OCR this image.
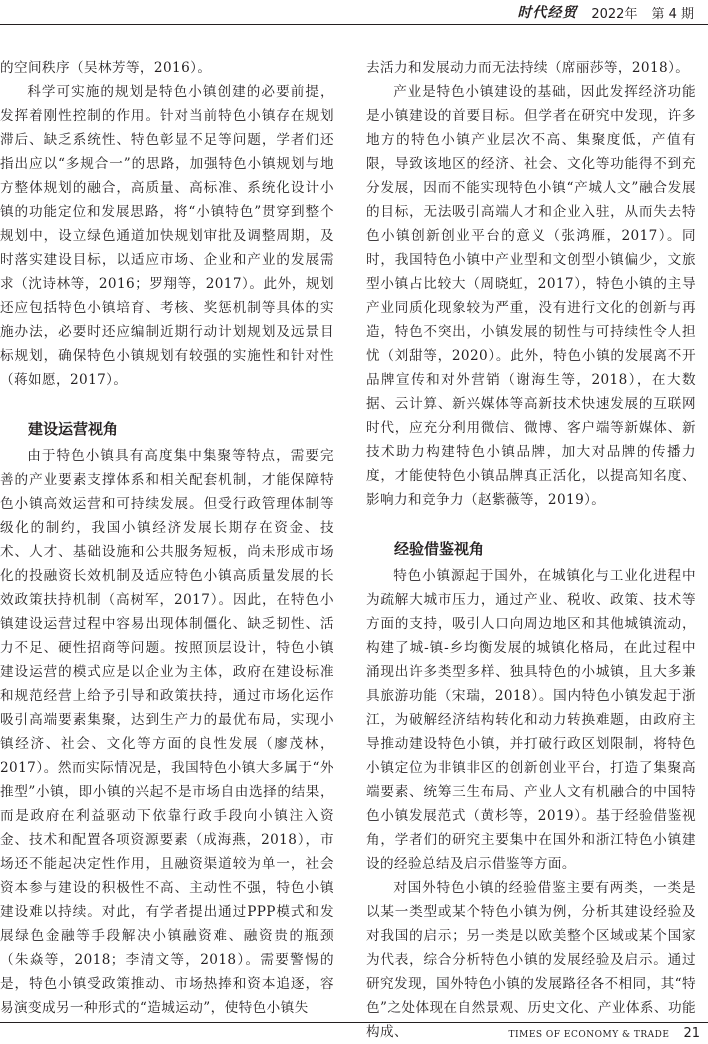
时代经贸 2022年 第 4 期

的空间秩序（吴林芳等，2016）。

科学可实施的规划是特色小镇创建的必要前提，发挥着刚性控制的作用。针对当前特色小镇存在规划滞后、缺乏系统性、特色彰显不足等问题，学者们还指出应以“多规合一”的思路，加强特色小镇规划与地方整体规划的融合，高质量、高标准、系统化设计小镇的功能定位和发展思路，将“小镇特色”贯穿到整个规划中，设立绿色通道加快规划审批及调整周期，及时落实建设目标，以适应市场、企业和产业的发展需求（沈诗林等，2016；罗翔等，2017）。此外，规划还应包括特色小镇培育、考核、奖惩机制等具体的实施办法，必要时还应编制近期行动计划规划及远景目标规划，确保特色小镇规划有较强的实施性和针对性（蒋如愿，2017）。

建设运营视角

由于特色小镇具有高度集中集聚等特点，需要完善的产业要素支撑体系和相关配套机制，才能保障特色小镇高效运营和可持续发展。但受行政管理体制等级化的制约，我国小镇经济发展长期存在资金、技术、人才、基础设施和公共服务短板，尚未形成市场化的投融资长效机制及适应特色小镇高质量发展的长效政策扶持机制（高树军，2017）。因此，在特色小镇建设运营过程中容易出现体制僵化、缺乏韧性、活力不足、硬性招商等问题。按照顶层设计，特色小镇建设运营的模式应是以企业为主体，政府在建设标准和规范经营上给予引导和政策扶持，通过市场化运作吸引高端要素集聚，达到生产力的最优布局，实现小镇经济、社会、文化等方面的良性发展（廖茂林，2017）。然而实际情况是，我国特色小镇大多属于“外推型”小镇，即小镇的兴起不是市场自由选择的结果，而是政府在利益驱动下依靠行政手段向小镇注入资金、技术和配置各项资源要素（成海燕，2018），市场还不能起决定性作用，且融资渠道较为单一，社会资本参与建设的积极性不高、主动性不强，特色小镇建设难以持续。对此，有学者提出通过PPP模式和发展绿色金融等手段解决小镇融资难、融资贵的瓶颈（朱焱等，2018；李清文等，2018）。需要警惕的是，特色小镇受政策推动、市场热捧和资本追逐，容易演变成另一种形式的“造城运动”，使特色小镇失

去活力和发展动力而无法持续（席丽莎等，2018）。

产业是特色小镇建设的基础，因此发挥经济功能是小镇建设的首要目标。但学者在研究中发现，许多地方的特色小镇产业层次不高、集聚度低，产值有限，导致该地区的经济、社会、文化等功能得不到充分发展，因而不能实现特色小镇“产城人文”融合发展的目标，无法吸引高端人才和企业入驻，从而失去特色小镇创新创业平台的意义（张鸿雁，2017）。同时，我国特色小镇中产业型和文创型小镇偏少，文旅型小镇占比较大（周晓虹，2017），特色小镇的主导产业同质化现象较为严重，没有进行文化的创新与再造，特色不突出，小镇发展的韧性与可持续性令人担忧（刘甜等，2020）。此外，特色小镇的发展离不开品牌宣传和对外营销（谢海生等，2018），在大数据、云计算、新兴媒体等高新技术快速发展的互联网时代，应充分利用微信、微博、客户端等新媒体、新技术助力构建特色小镇品牌，加大对品牌的传播力度，才能使特色小镇品牌真正活化，以提高知名度、影响力和竞争力（赵紫薇等，2019）。

经验借鉴视角

特色小镇源起于国外，在城镇化与工业化进程中为疏解大城市压力，通过产业、税收、政策、技术等方面的支持，吸引人口向周边地区和其他城镇流动，构建了城-镇-乡均衡发展的城镇化格局，在此过程中涌现出许多类型多样、独具特色的小城镇，且大多兼具旅游功能（宋瑞，2018）。国内特色小镇发起于浙江，为破解经济结构转化和动力转换难题，由政府主导推动建设特色小镇，并打破行政区划限制，将特色小镇定位为非镇非区的创新创业平台，打造了集聚高端要素、统筹三生布局、产业人文有机融合的中国特色小镇发展范式（黄杉等，2019）。基于经验借鉴视角，学者们的研究主要集中在国外和浙江特色小镇建设的经验总结及启示借鉴等方面。

对国外特色小镇的经验借鉴主要有两类，一类是以某一类型或某个特色小镇为例，分析其建设经验及对我国的启示；另一类是以欧美整个区域或某个国家为代表，综合分析特色小镇的发展经验及启示。通过研究发现，国外特色小镇的发展路径各不相同，其“特色”之处体现在自然景观、历史文化、产业体系、功能构成、	TIMES OF ECONOMY & TRADE 21
